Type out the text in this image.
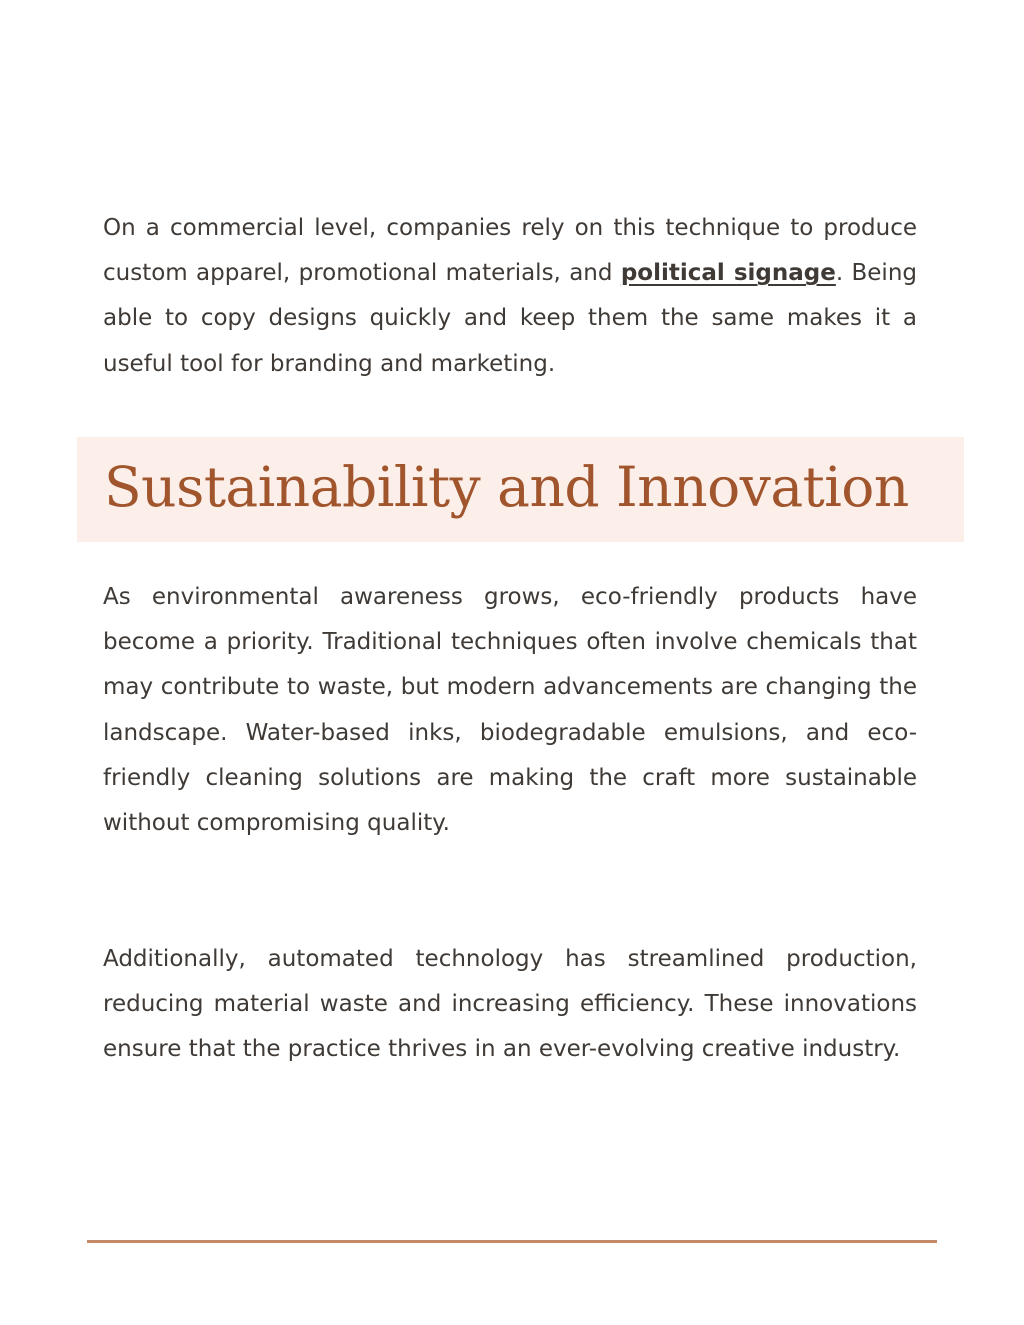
On a commercial level, companies rely on this technique to produce custom apparel, promotional materials, and political signage. Being able to copy designs quickly and keep them the same makes it a useful tool for branding and marketing.

Sustainability and Innovation

As environmental awareness grows, eco-friendly products have become a priority. Traditional techniques often involve chemicals that may contribute to waste, but modern advancements are changing the landscape. Water-based inks, biodegradable emulsions, and eco-friendly cleaning solutions are making the craft more sustainable without compromising quality.

Additionally, automated technology has streamlined production, reducing material waste and increasing efficiency. These innovations ensure that the practice thrives in an ever-evolving creative industry.
